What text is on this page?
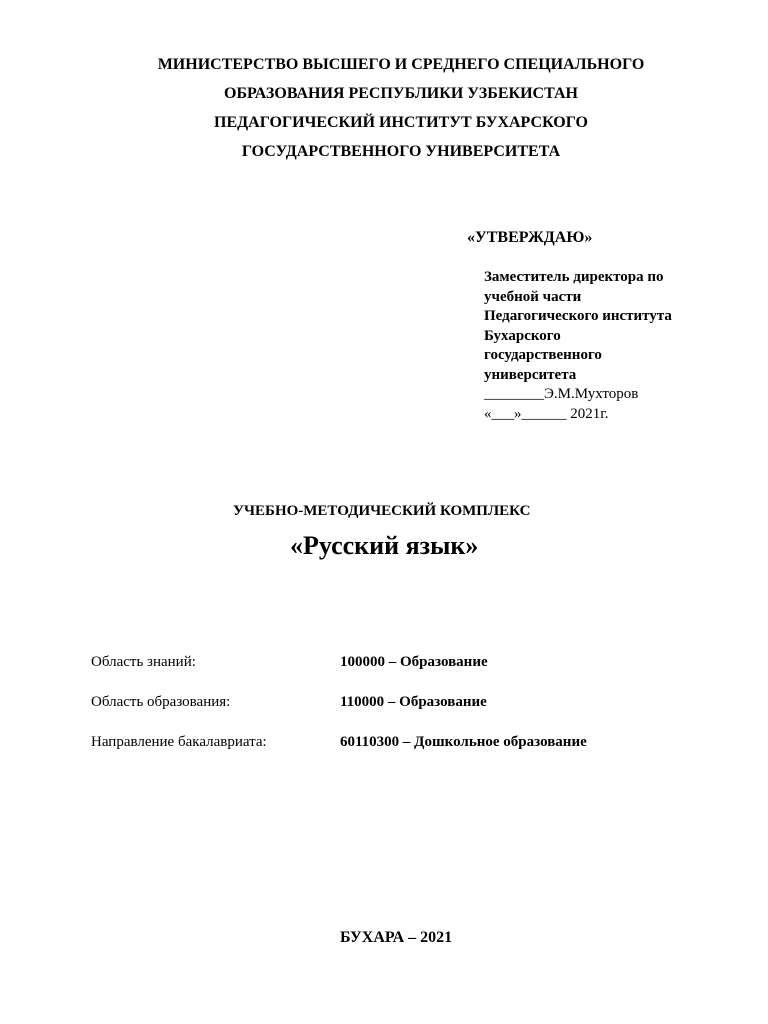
МИНИСТЕРСТВО ВЫСШЕГО И СРЕДНЕГО СПЕЦИАЛЬНОГО
ОБРАЗОВАНИЯ РЕСПУБЛИКИ УЗБЕКИСТАН
ПЕДАГОГИЧЕСКИЙ ИНСТИТУТ БУХАРСКОГО
ГОСУДАРСТВЕННОГО УНИВЕРСИТЕТА
«УТВЕРЖДАЮ»
Заместитель директора по
учебной части
Педагогического института
Бухарского
государственного
университета
________Э.М.Мухторов
«___»______ 2021г.
УЧЕБНО-МЕТОДИЧЕСКИЙ КОМПЛЕКС
«Русский язык»
Область знаний:	100000 – Образование
Область образования:	110000 – Образование
Направление бакалавриата:	60110300 – Дошкольное образование
БУХАРА – 2021
